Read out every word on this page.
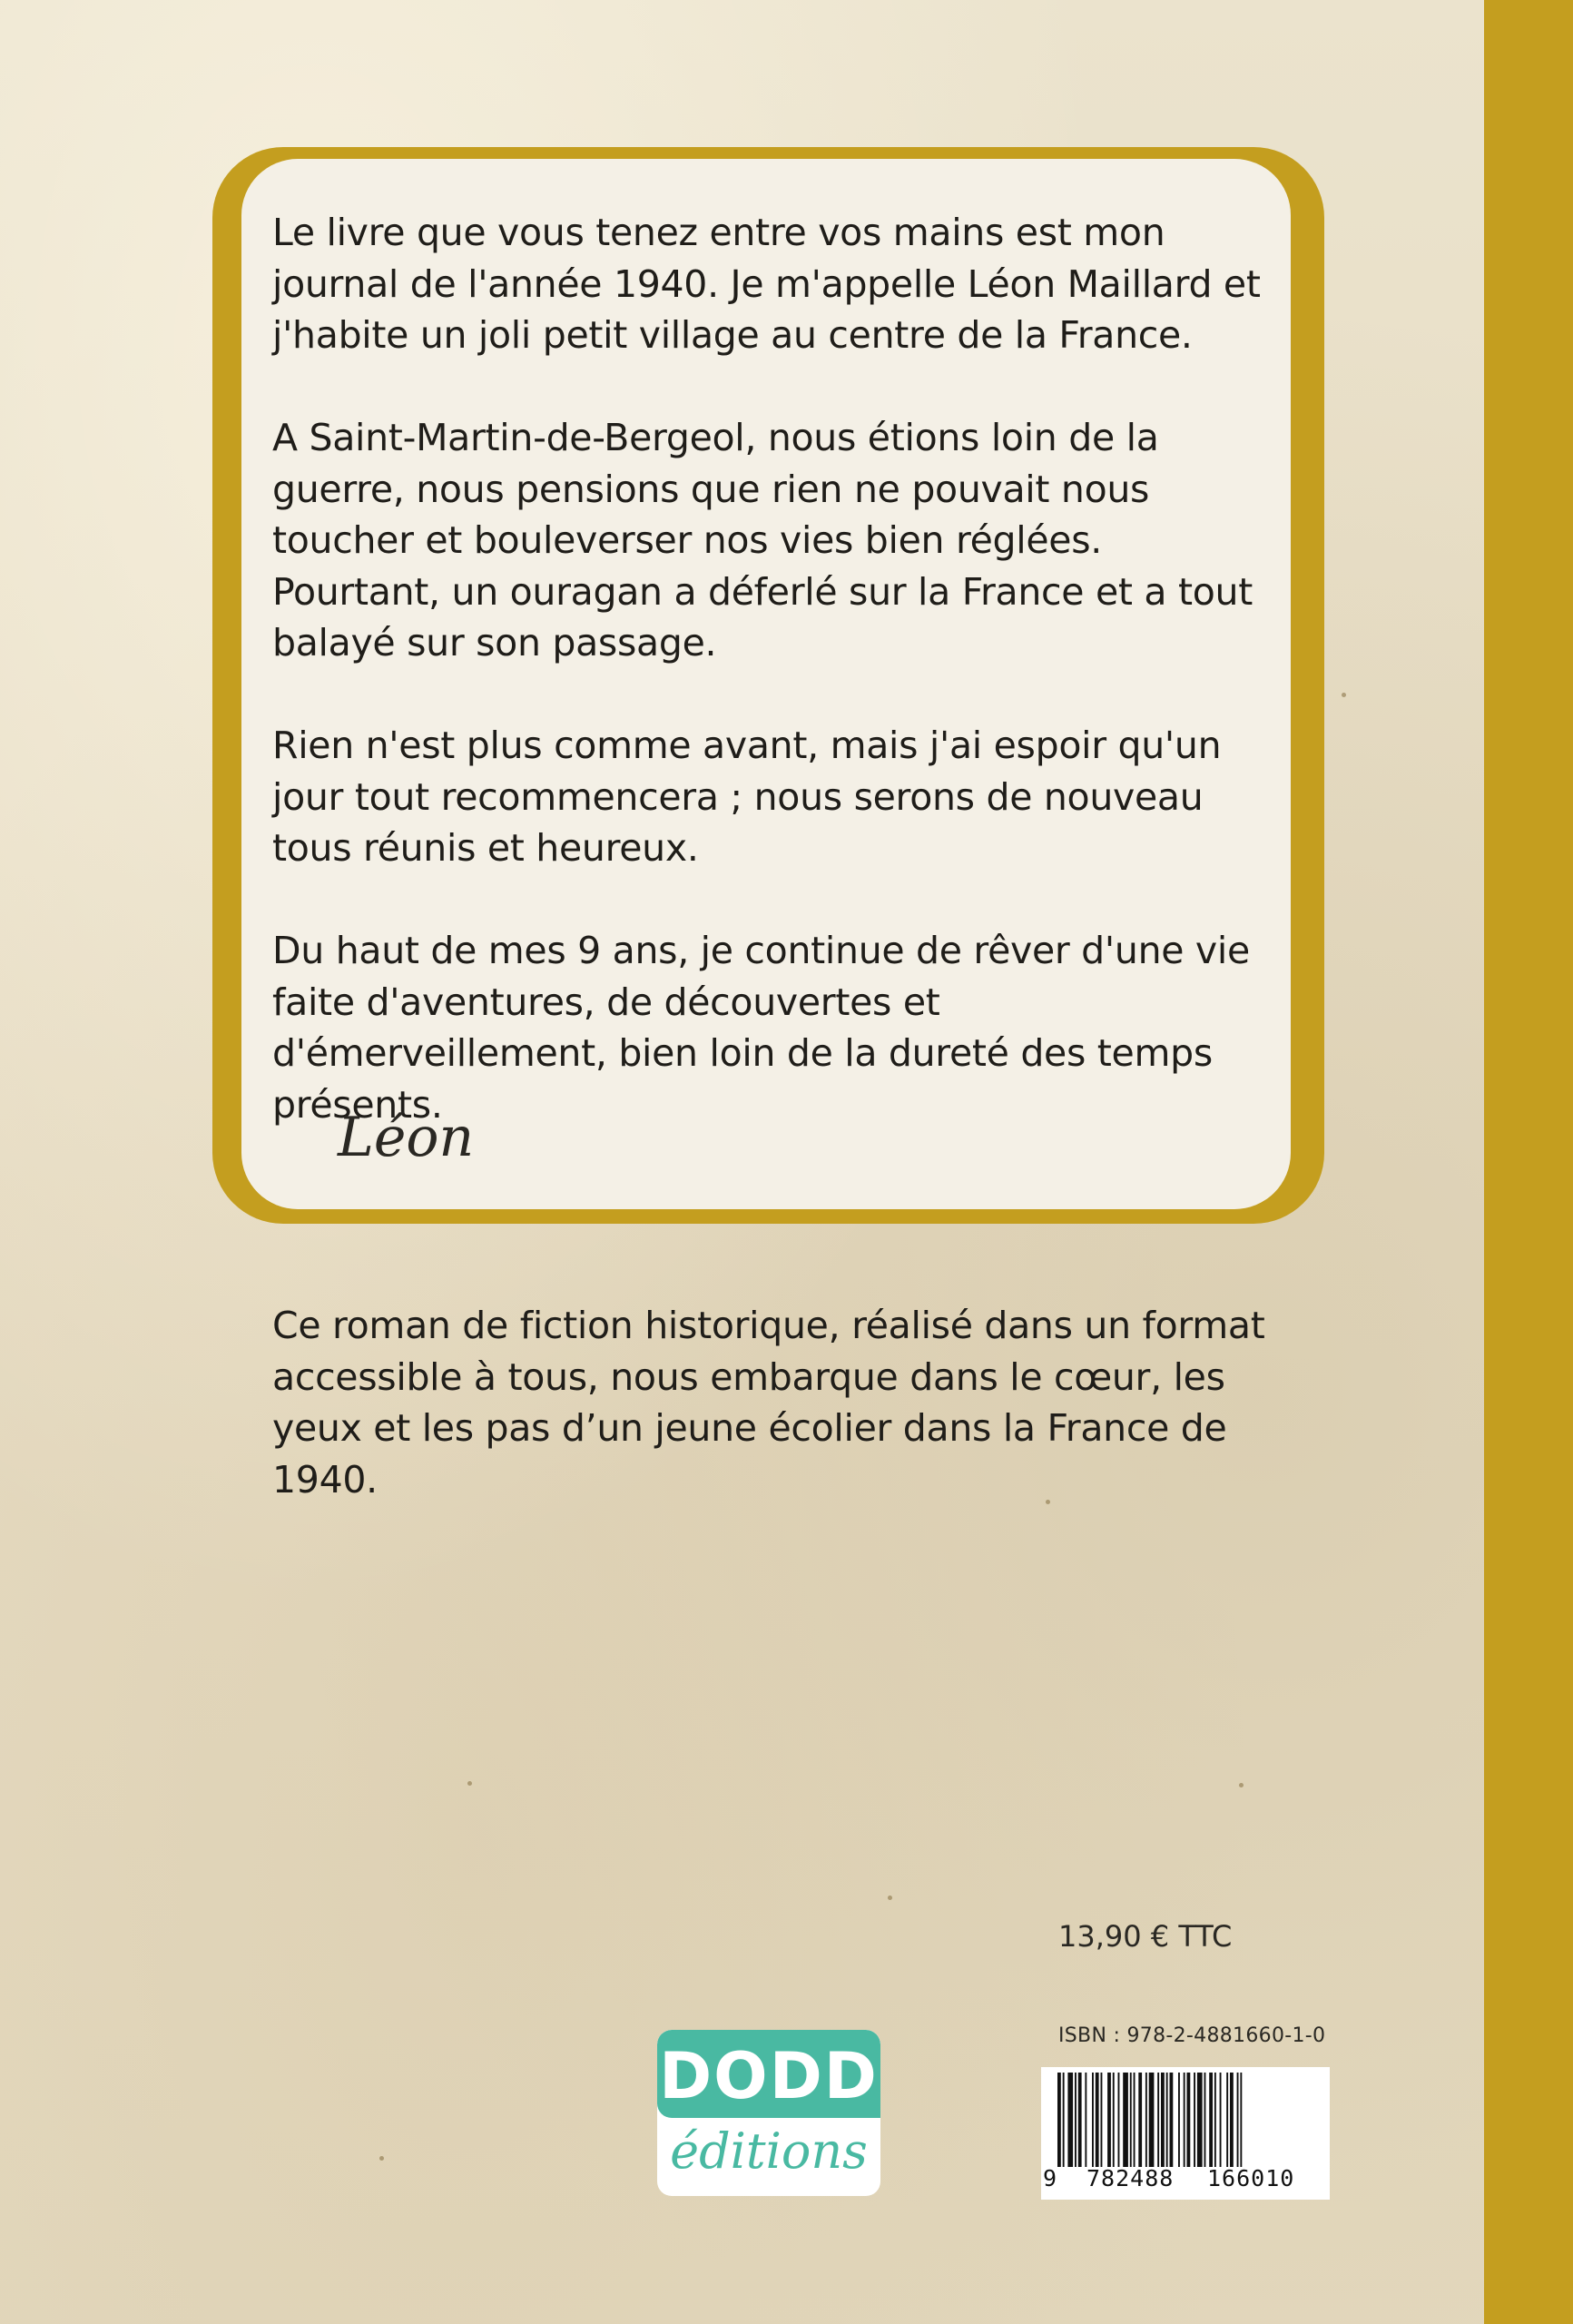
Le livre que vous tenez entre vos mains est mon journal de l'année 1940. Je m'appelle Léon Maillard et j'habite un joli petit village au centre de la France.

A Saint-Martin-de-Bergeol, nous étions loin de la guerre, nous pensions que rien ne pouvait nous toucher et bouleverser nos vies bien réglées. Pourtant, un ouragan a déferlé sur la France et a tout balayé sur son passage.

Rien n'est plus comme avant, mais j'ai espoir qu'un jour tout recommencera ; nous serons de nouveau tous réunis et heureux.

Du haut de mes 9 ans, je continue de rêver d'une vie faite d'aventures, de découvertes et d'émerveillement, bien loin de la dureté des temps présents.

Léon

Ce roman de fiction historique, réalisé dans un format accessible à tous, nous embarque dans le cœur, les yeux et les pas d’un jeune écolier dans la France de 1940.

13,90 € TTC
ISBN : 978-2-4881660-1-0
9 782488 166010
DODD
éditions
